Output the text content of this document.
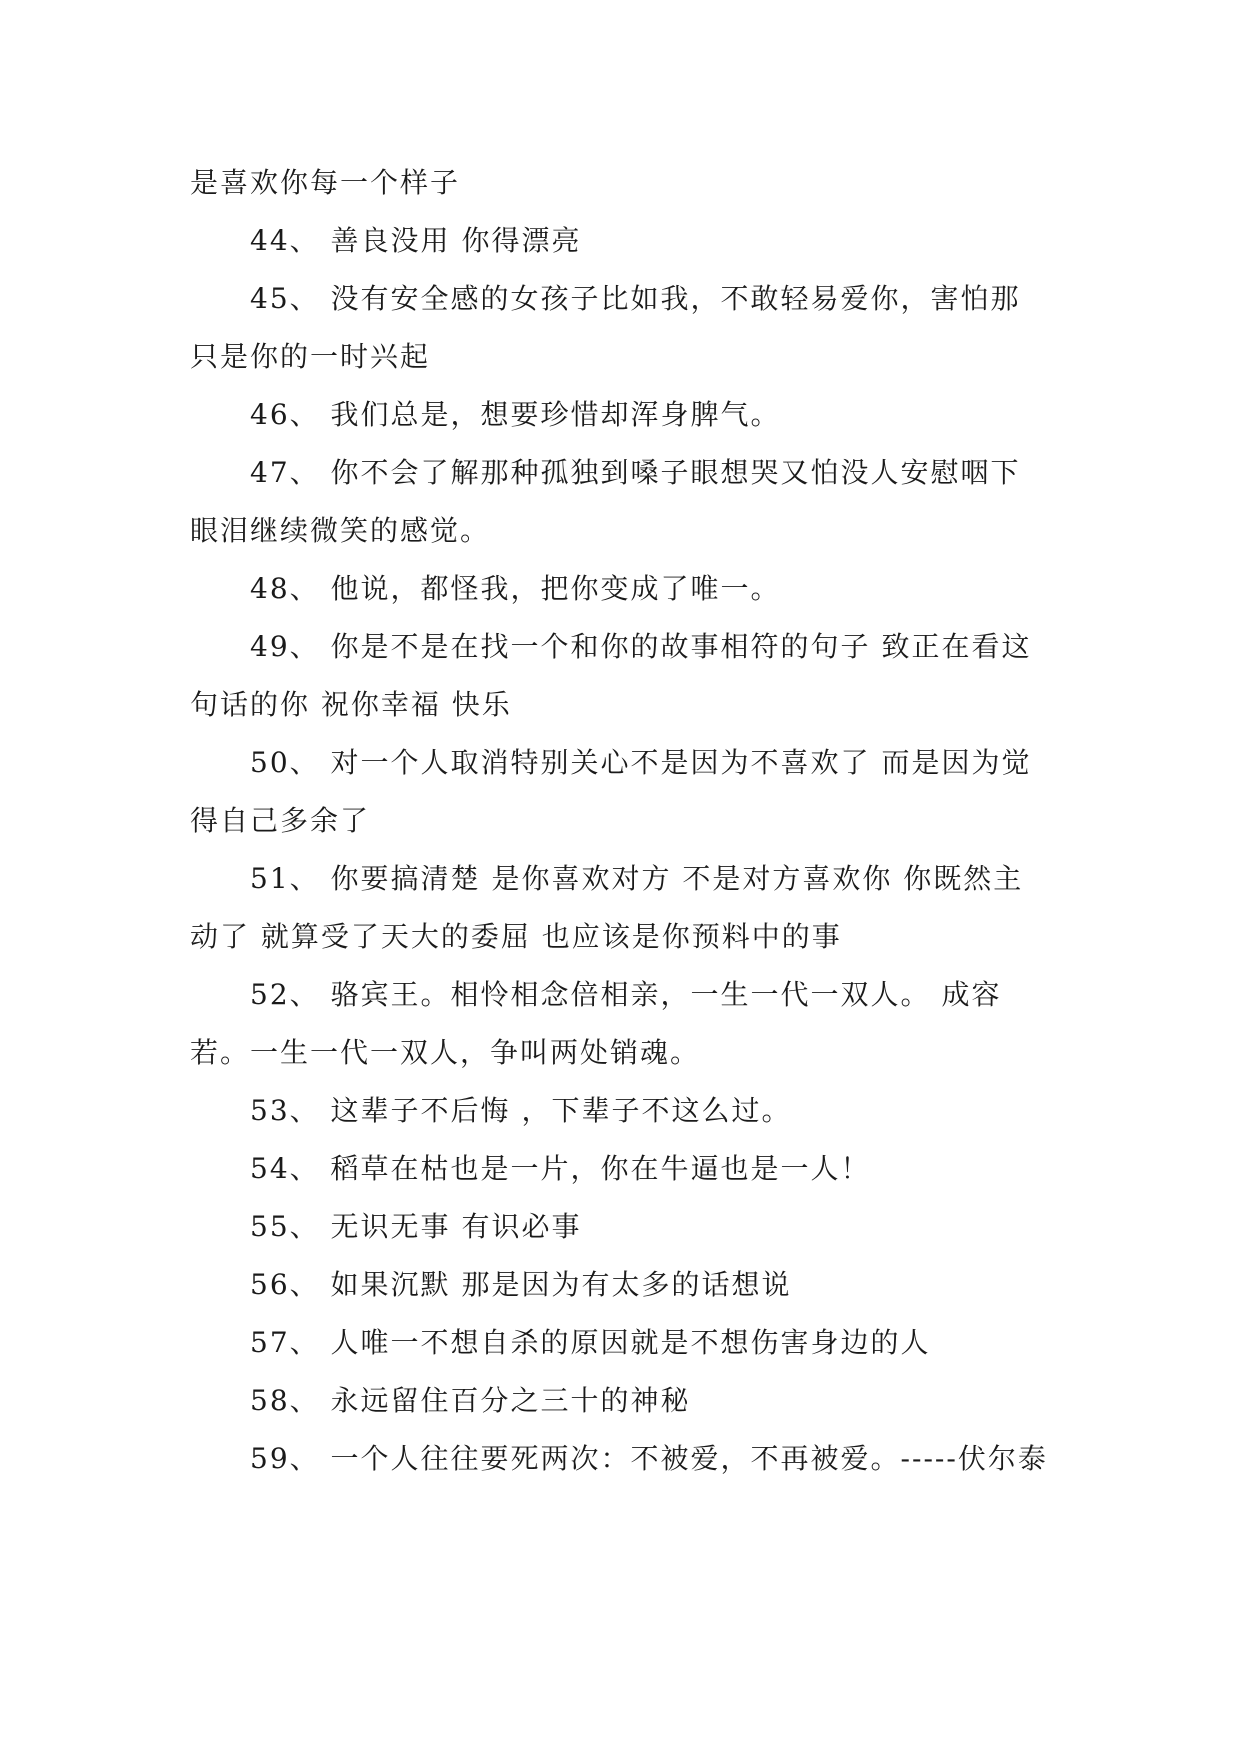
是喜欢你每一个样子

44、 善良没用 你得漂亮

45、 没有安全感的女孩子比如我，不敢轻易爱你，害怕那只是你的一时兴起

46、 我们总是，想要珍惜却浑身脾气。

47、 你不会了解那种孤独到嗓子眼想哭又怕没人安慰咽下眼泪继续微笑的感觉。

48、 他说，都怪我，把你变成了唯一。

49、 你是不是在找一个和你的故事相符的句子 致正在看这句话的你 祝你幸福 快乐

50、 对一个人取消特别关心不是因为不喜欢了 而是因为觉得自己多余了

51、 你要搞清楚 是你喜欢对方 不是对方喜欢你 你既然主动了 就算受了天大的委屈 也应该是你预料中的事

52、 骆宾王。相怜相念倍相亲，一生一代一双人。 成容若。一生一代一双人，争叫两处销魂。

53、 这辈子不后悔 ，下辈子不这么过。

54、 稻草在枯也是一片，你在牛逼也是一人！

55、 无识无事 有识必事

56、 如果沉默 那是因为有太多的话想说

57、 人唯一不想自杀的原因就是不想伤害身边的人

58、 永远留住百分之三十的神秘

59、 一个人往往要死两次：不被爱，不再被爱。-----伏尔泰
